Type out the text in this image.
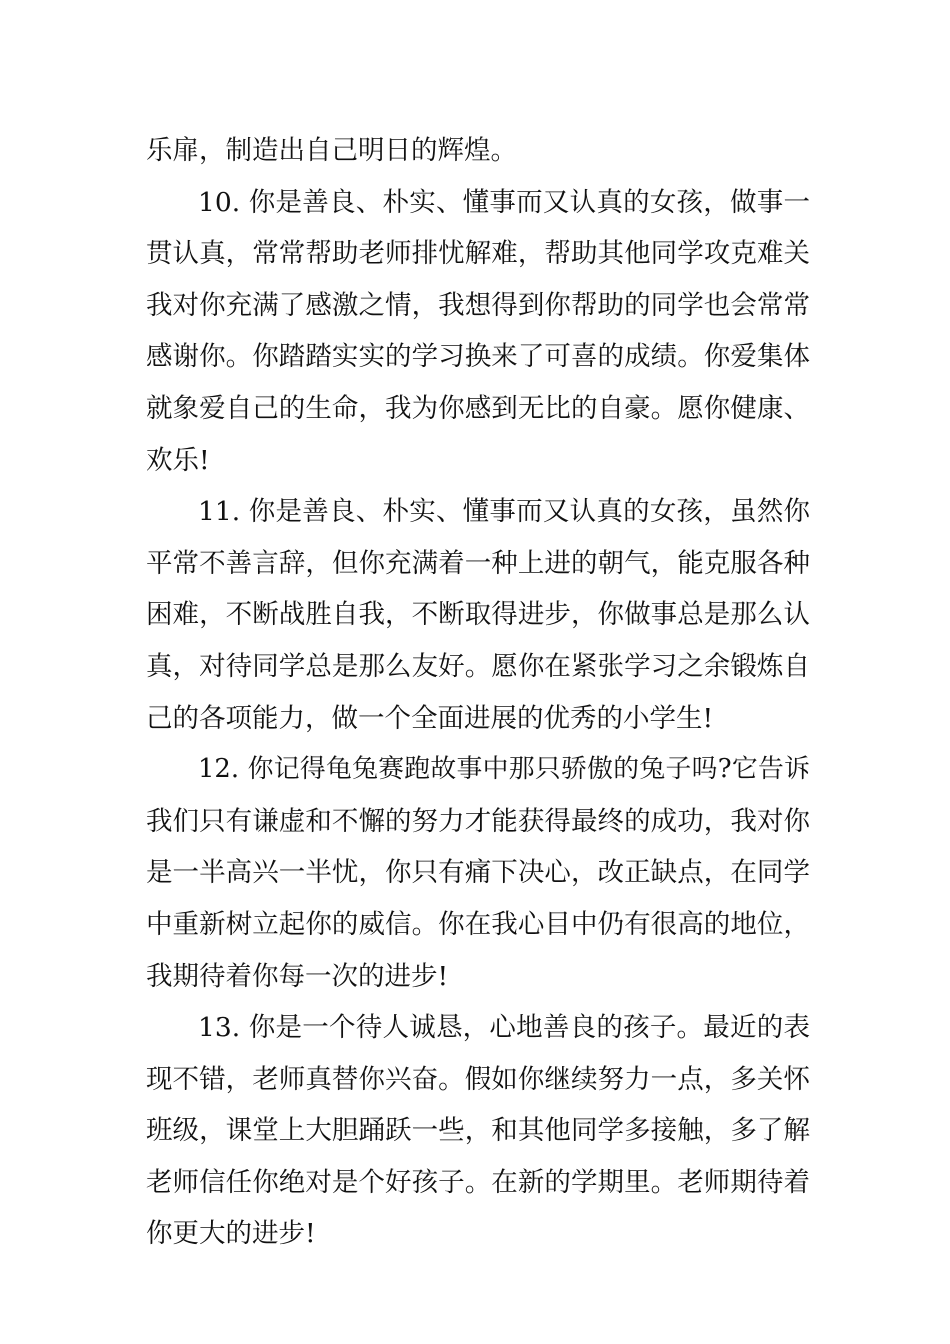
乐扉，制造出自己明日的辉煌。
10. 你是善良、朴实、懂事而又认真的女孩，做事一
贯认真，常常帮助老师排忧解难，帮助其他同学攻克难关
我对你充满了感激之情，我想得到你帮助的同学也会常常
感谢你。你踏踏实实的学习换来了可喜的成绩。你爱集体
就象爱自己的生命，我为你感到无比的自豪。愿你健康、
欢乐!
11. 你是善良、朴实、懂事而又认真的女孩，虽然你
平常不善言辞，但你充满着一种上进的朝气，能克服各种
困难，不断战胜自我，不断取得进步，你做事总是那么认
真，对待同学总是那么友好。愿你在紧张学习之余锻炼自
己的各项能力，做一个全面进展的优秀的小学生!
12. 你记得龟兔赛跑故事中那只骄傲的兔子吗?它告诉
我们只有谦虚和不懈的努力才能获得最终的成功，我对你
是一半高兴一半忧，你只有痛下决心，改正缺点，在同学
中重新树立起你的威信。你在我心目中仍有很高的地位，
我期待着你每一次的进步!
13. 你是一个待人诚恳，心地善良的孩子。最近的表
现不错，老师真替你兴奋。假如你继续努力一点，多关怀
班级，课堂上大胆踊跃一些，和其他同学多接触，多了解
老师信任你绝对是个好孩子。在新的学期里。老师期待着
你更大的进步!
